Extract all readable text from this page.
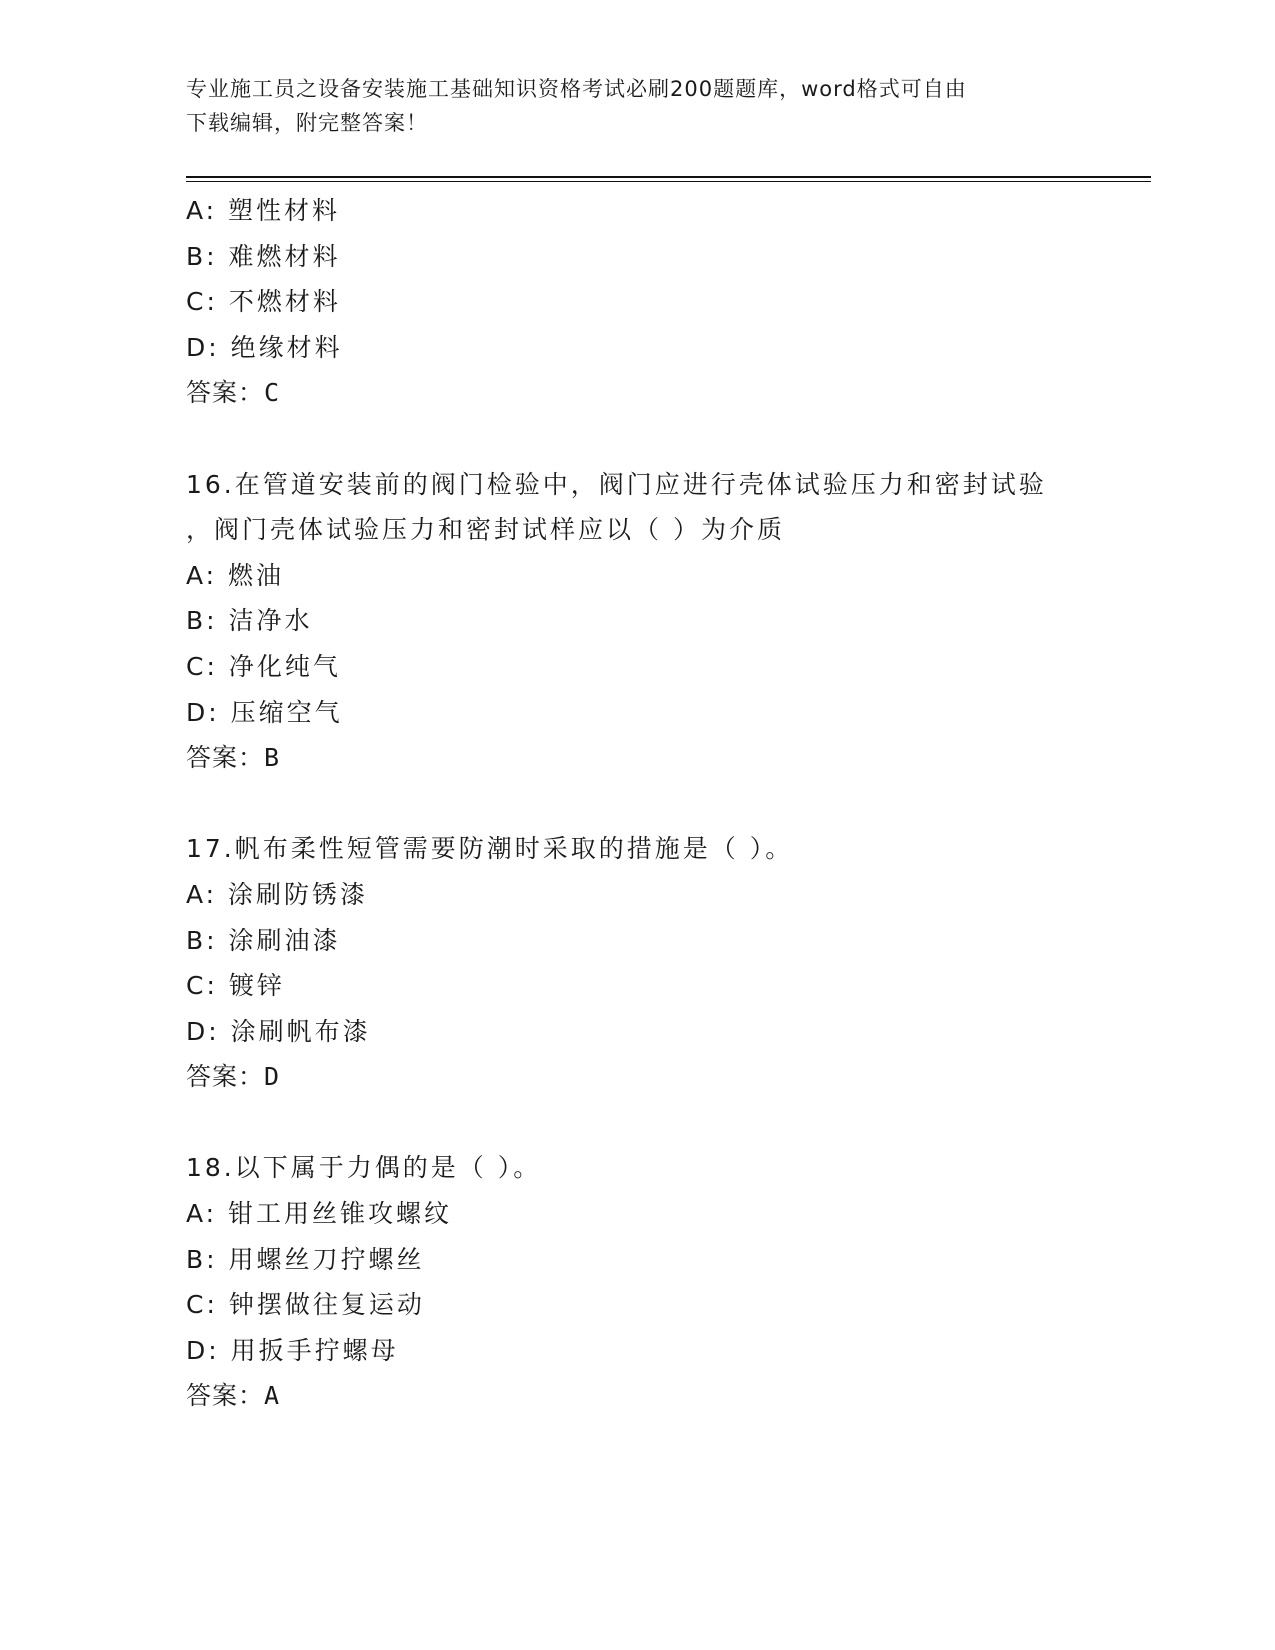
专业施工员之设备安装施工基础知识资格考试必刷200题题库，word格式可自由
下载编辑，附完整答案！
A: 塑性材料
B: 难燃材料
C: 不燃材料
D: 绝缘材料
答案：C
16.在管道安装前的阀门检验中，阀门应进行壳体试验压力和密封试验
，阀门壳体试验压力和密封试样应以（ ）为介质
A: 燃油
B: 洁净水
C: 净化纯气
D: 压缩空气
答案：B
17.帆布柔性短管需要防潮时采取的措施是（ ）。
A: 涂刷防锈漆
B: 涂刷油漆
C: 镀锌
D: 涂刷帆布漆
答案：D
18.以下属于力偶的是（ ）。
A: 钳工用丝锥攻螺纹
B: 用螺丝刀拧螺丝
C: 钟摆做往复运动
D: 用扳手拧螺母
答案：A
